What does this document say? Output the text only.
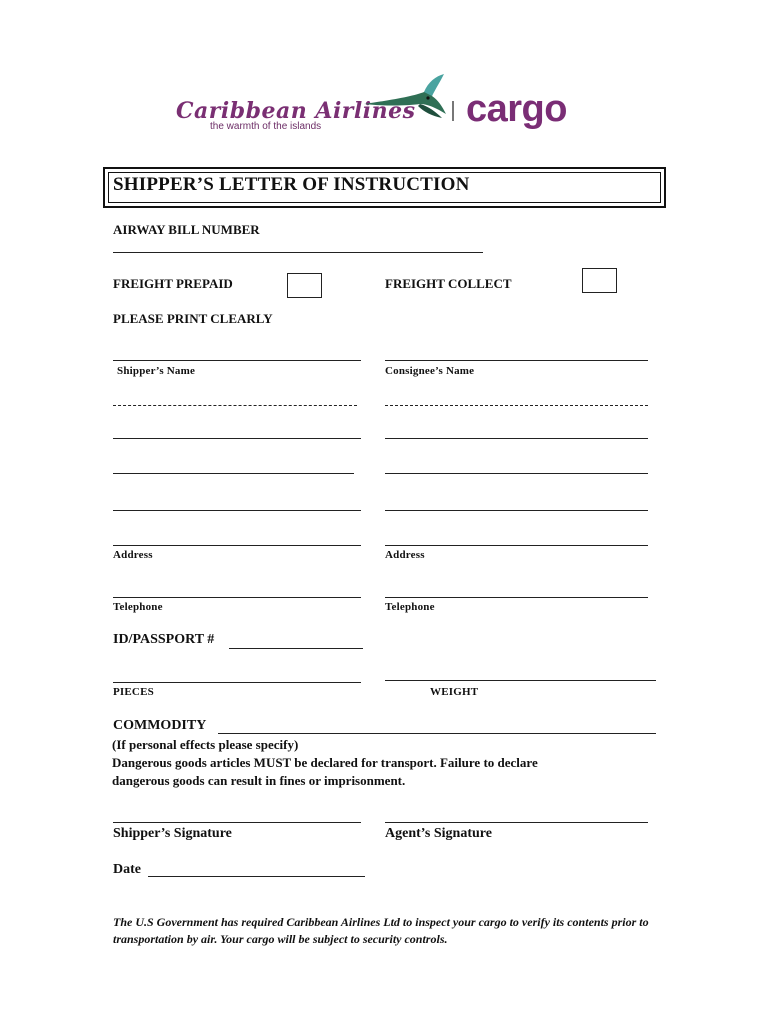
Caribbean Airlines
the warmth of the islands	cargo
SHIPPER’S LETTER OF INSTRUCTION
AIRWAY BILL NUMBER
FREIGHT PREPAID	FREIGHT COLLECT
PLEASE PRINT CLEARLY
Shipper’s Name	Consignee’s Name
Address	Address
Telephone	Telephone
ID/PASSPORT #
PIECES	WEIGHT
COMMODITY
(If personal effects please specify)
Dangerous goods articles MUST be declared for transport. Failure to declare
dangerous goods can result in fines or imprisonment.
Shipper’s Signature	Agent’s Signature
Date
The U.S Government has required Caribbean Airlines Ltd to inspect your cargo to verify its contents prior to transportation by air. Your cargo will be subject to security controls.
